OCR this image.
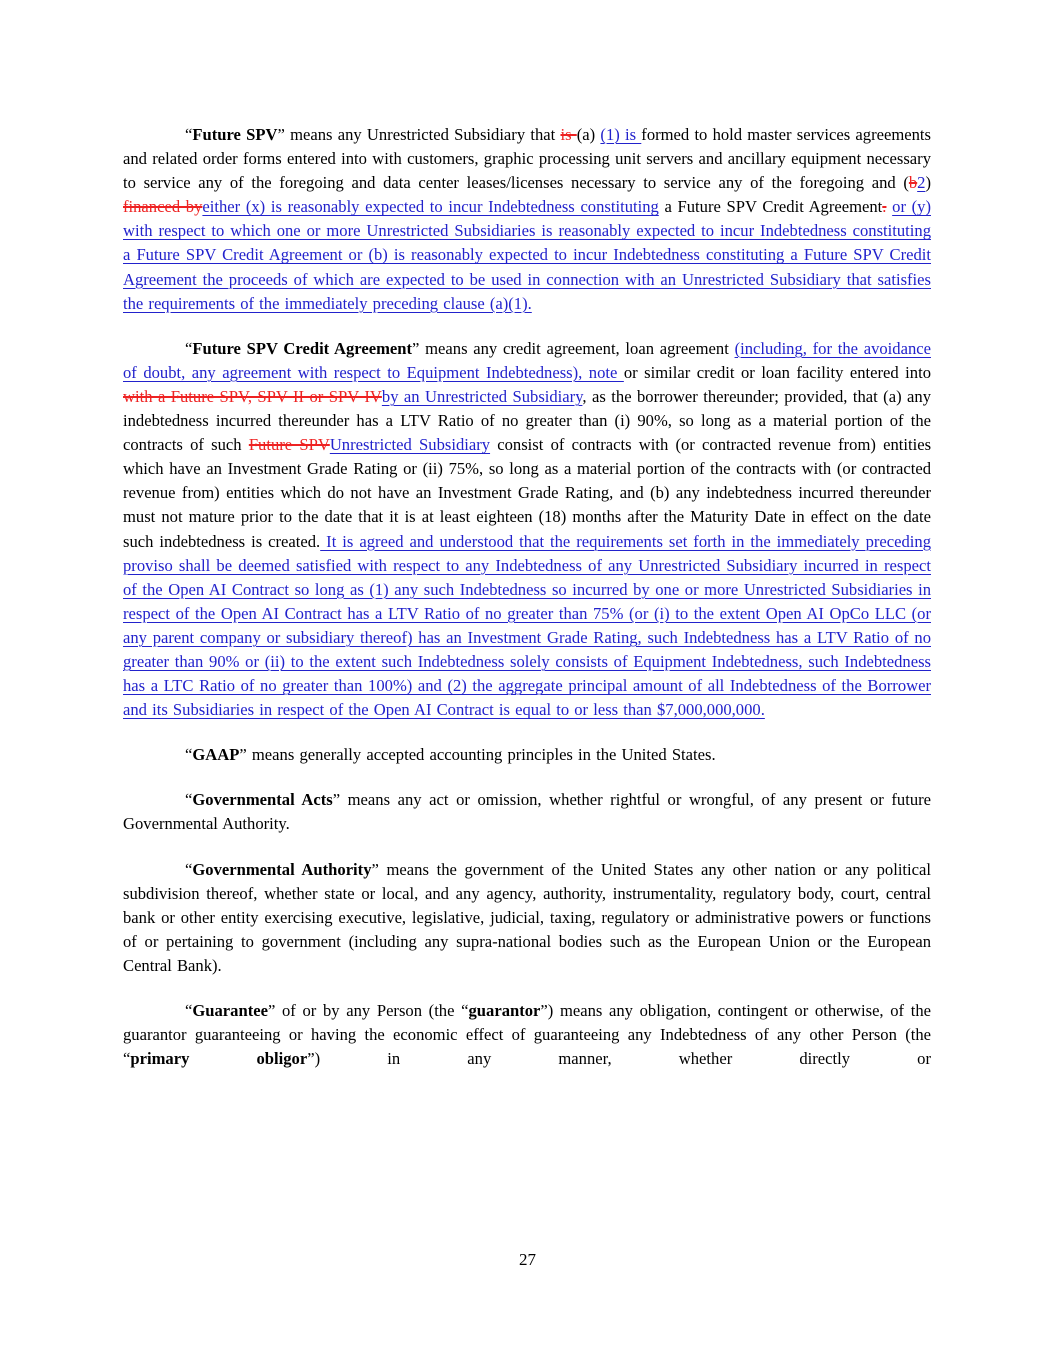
“Future SPV” means any Unrestricted Subsidiary that is (a) (1) is formed to hold master services agreements and related order forms entered into with customers, graphic processing unit servers and ancillary equipment necessary to service any of the foregoing and data center leases/licenses necessary to service any of the foregoing and (b2) financed byeither (x) is reasonably expected to incur Indebtedness constituting a Future SPV Credit Agreement. or (y) with respect to which one or more Unrestricted Subsidiaries is reasonably expected to incur Indebtedness constituting a Future SPV Credit Agreement or (b) is reasonably expected to incur Indebtedness constituting a Future SPV Credit Agreement the proceeds of which are expected to be used in connection with an Unrestricted Subsidiary that satisfies the requirements of the immediately preceding clause (a)(1).

“Future SPV Credit Agreement” means any credit agreement, loan agreement (including, for the avoidance of doubt, any agreement with respect to Equipment Indebtedness), note or similar credit or loan facility entered into with a Future SPV, SPV II or SPV IVby an Unrestricted Subsidiary, as the borrower thereunder; provided, that (a) any indebtedness incurred thereunder has a LTV Ratio of no greater than (i) 90%, so long as a material portion of the contracts of such Future SPVUnrestricted Subsidiary consist of contracts with (or contracted revenue from) entities which have an Investment Grade Rating or (ii) 75%, so long as a material portion of the contracts with (or contracted revenue from) entities which do not have an Investment Grade Rating, and (b) any indebtedness incurred thereunder must not mature prior to the date that it is at least eighteen (18) months after the Maturity Date in effect on the date such indebtedness is created. It is agreed and understood that the requirements set forth in the immediately preceding proviso shall be deemed satisfied with respect to any Indebtedness of any Unrestricted Subsidiary incurred in respect of the Open AI Contract so long as (1) any such Indebtedness so incurred by one or more Unrestricted Subsidiaries in respect of the Open AI Contract has a LTV Ratio of no greater than 75% (or (i) to the extent Open AI OpCo LLC (or any parent company or subsidiary thereof) has an Investment Grade Rating, such Indebtedness has a LTV Ratio of no greater than 90% or (ii) to the extent such Indebtedness solely consists of Equipment Indebtedness, such Indebtedness has a LTC Ratio of no greater than 100%) and (2) the aggregate principal amount of all Indebtedness of the Borrower and its Subsidiaries in respect of the Open AI Contract is equal to or less than $7,000,000,000.

“GAAP” means generally accepted accounting principles in the United States.

“Governmental Acts” means any act or omission, whether rightful or wrongful, of any present or future Governmental Authority.

“Governmental Authority” means the government of the United States any other nation or any political subdivision thereof, whether state or local, and any agency, authority, instrumentality, regulatory body, court, central bank or other entity exercising executive, legislative, judicial, taxing, regulatory or administrative powers or functions of or pertaining to government (including any supra-national bodies such as the European Union or the European Central Bank).

“Guarantee” of or by any Person (the “guarantor”) means any obligation, contingent or otherwise, of the guarantor guaranteeing or having the economic effect of guaranteeing any Indebtedness of any other Person (the “primary obligor”) in any manner, whether directly or

27
